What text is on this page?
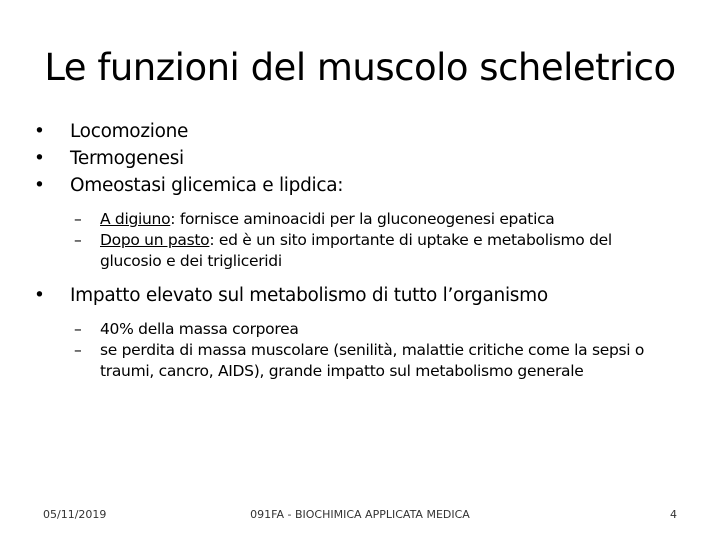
Le funzioni del muscolo scheletrico
• Locomozione
• Termogenesi
• Omeostasi glicemica e lipdica:
– A digiuno: fornisce aminoacidi per la gluconeogenesi epatica
– Dopo un pasto: ed è un sito importante di uptake e metabolismo del glucosio e dei trigliceridi
• Impatto elevato sul metabolismo di tutto l’organismo
– 40% della massa corporea
– se perdita di massa muscolare (senilità, malattie critiche come la sepsi o traumi, cancro, AIDS), grande impatto sul metabolismo generale
05/11/2019	091FA - BIOCHIMICA APPLICATA MEDICA	4
